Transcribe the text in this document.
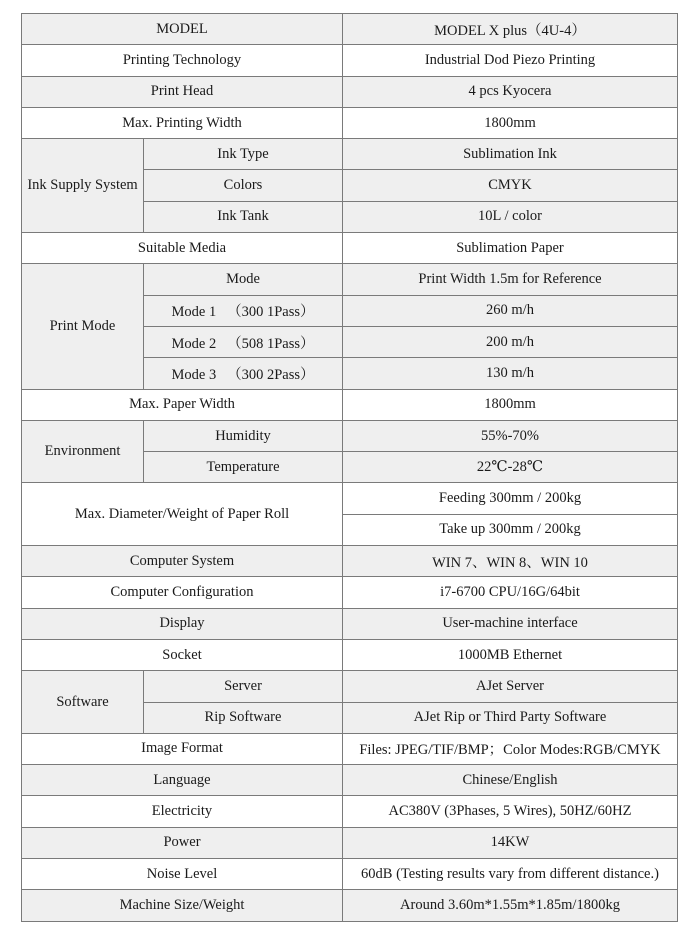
MODEL		MODEL X plus（4U-4）
Printing Technology		Industrial Dod Piezo Printing
Print Head		4 pcs Kyocera
Max. Printing Width		1800mm
Ink Supply System	Ink Type	Sublimation Ink
	Colors	CMYK
	Ink Tank	10L / color
Suitable Media		Sublimation Paper
Print Mode	Mode	Print Width 1.5m for Reference
	Mode 1 　（300 1Pass）	260 m/h
	Mode 2 　（508 1Pass）	200 m/h
	Mode 3 　（300 2Pass）	130 m/h
Max. Paper Width		1800mm
Environment	Humidity	55%-70%
	Temperature	22℃-28℃
Max. Diameter/Weight of Paper Roll		Feeding 300mm / 200kg
		Take up 300mm / 200kg
Computer System		WIN 7、WIN 8、WIN 10
Computer Configuration		i7-6700 CPU/16G/64bit
Display		User-machine interface
Socket		1000MB Ethernet
Software	Server	AJet Server
	Rip Software	AJet Rip or Third Party Software
Image Format		Files: JPEG/TIF/BMP；Color Modes:RGB/CMYK
Language		Chinese/English
Electricity		AC380V (3Phases, 5 Wires), 50HZ/60HZ
Power		14KW
Noise Level		60dB (Testing results vary from different distance.)
Machine Size/Weight		Around 3.60m*1.55m*1.85m/1800kg
